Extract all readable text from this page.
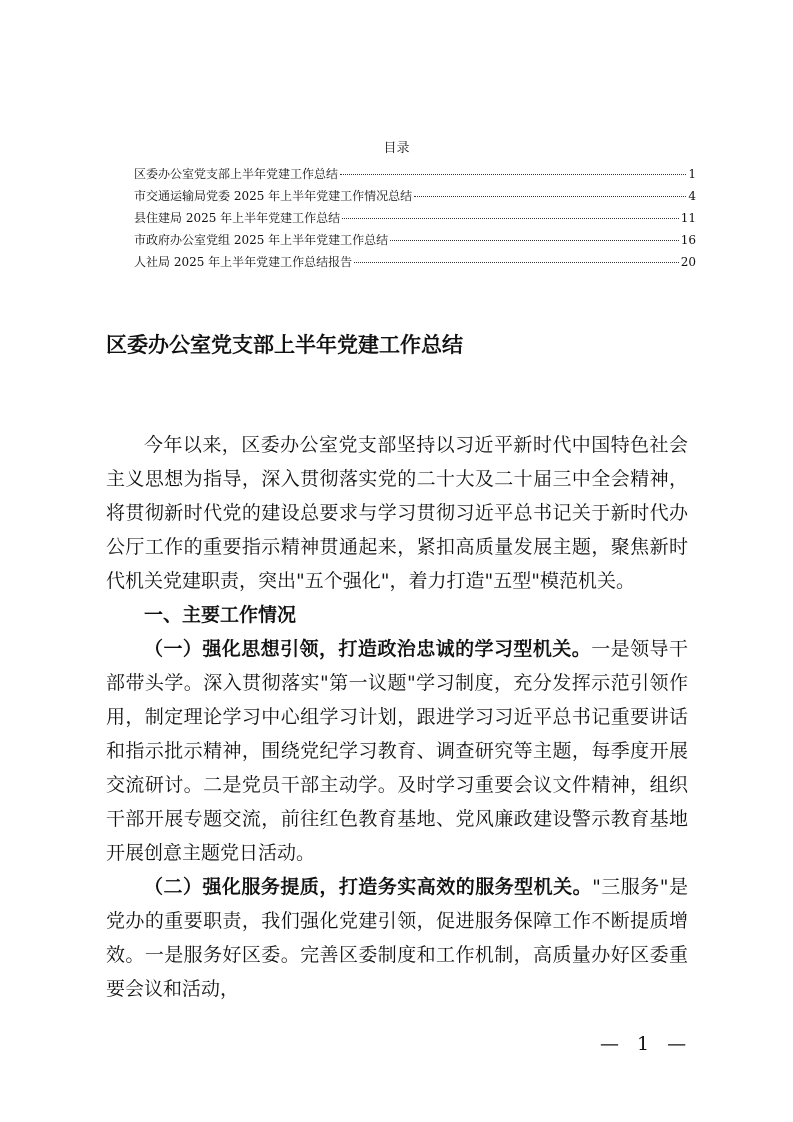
目录
区委办公室党支部上半年党建工作总结	1
市交通运输局党委 2025 年上半年党建工作情况总结	4
县住建局 2025 年上半年党建工作总结	11
市政府办公室党组 2025 年上半年党建工作总结	16
人社局 2025 年上半年党建工作总结报告	20
区委办公室党支部上半年党建工作总结

今年以来，区委办公室党支部坚持以习近平新时代中国特色社会主义思想为指导，深入贯彻落实党的二十大及二十届三中全会精神，将贯彻新时代党的建设总要求与学习贯彻习近平总书记关于新时代办公厅工作的重要指示精神贯通起来，紧扣高质量发展主题，聚焦新时代机关党建职责，突出"五个强化"，着力打造"五型"模范机关。

一、主要工作情况

（一）强化思想引领，打造政治忠诚的学习型机关。一是领导干部带头学。深入贯彻落实"第一议题"学习制度，充分发挥示范引领作用，制定理论学习中心组学习计划，跟进学习习近平总书记重要讲话和指示批示精神，围绕党纪学习教育、调查研究等主题，每季度开展交流研讨。二是党员干部主动学。及时学习重要会议文件精神，组织干部开展专题交流，前往红色教育基地、党风廉政建设警示教育基地开展创意主题党日活动。

（二）强化服务提质，打造务实高效的服务型机关。"三服务"是党办的重要职责，我们强化党建引领，促进服务保障工作不断提质增效。一是服务好区委。完善区委制度和工作机制，高质量办好区委重要会议和活动，

— 1 —
